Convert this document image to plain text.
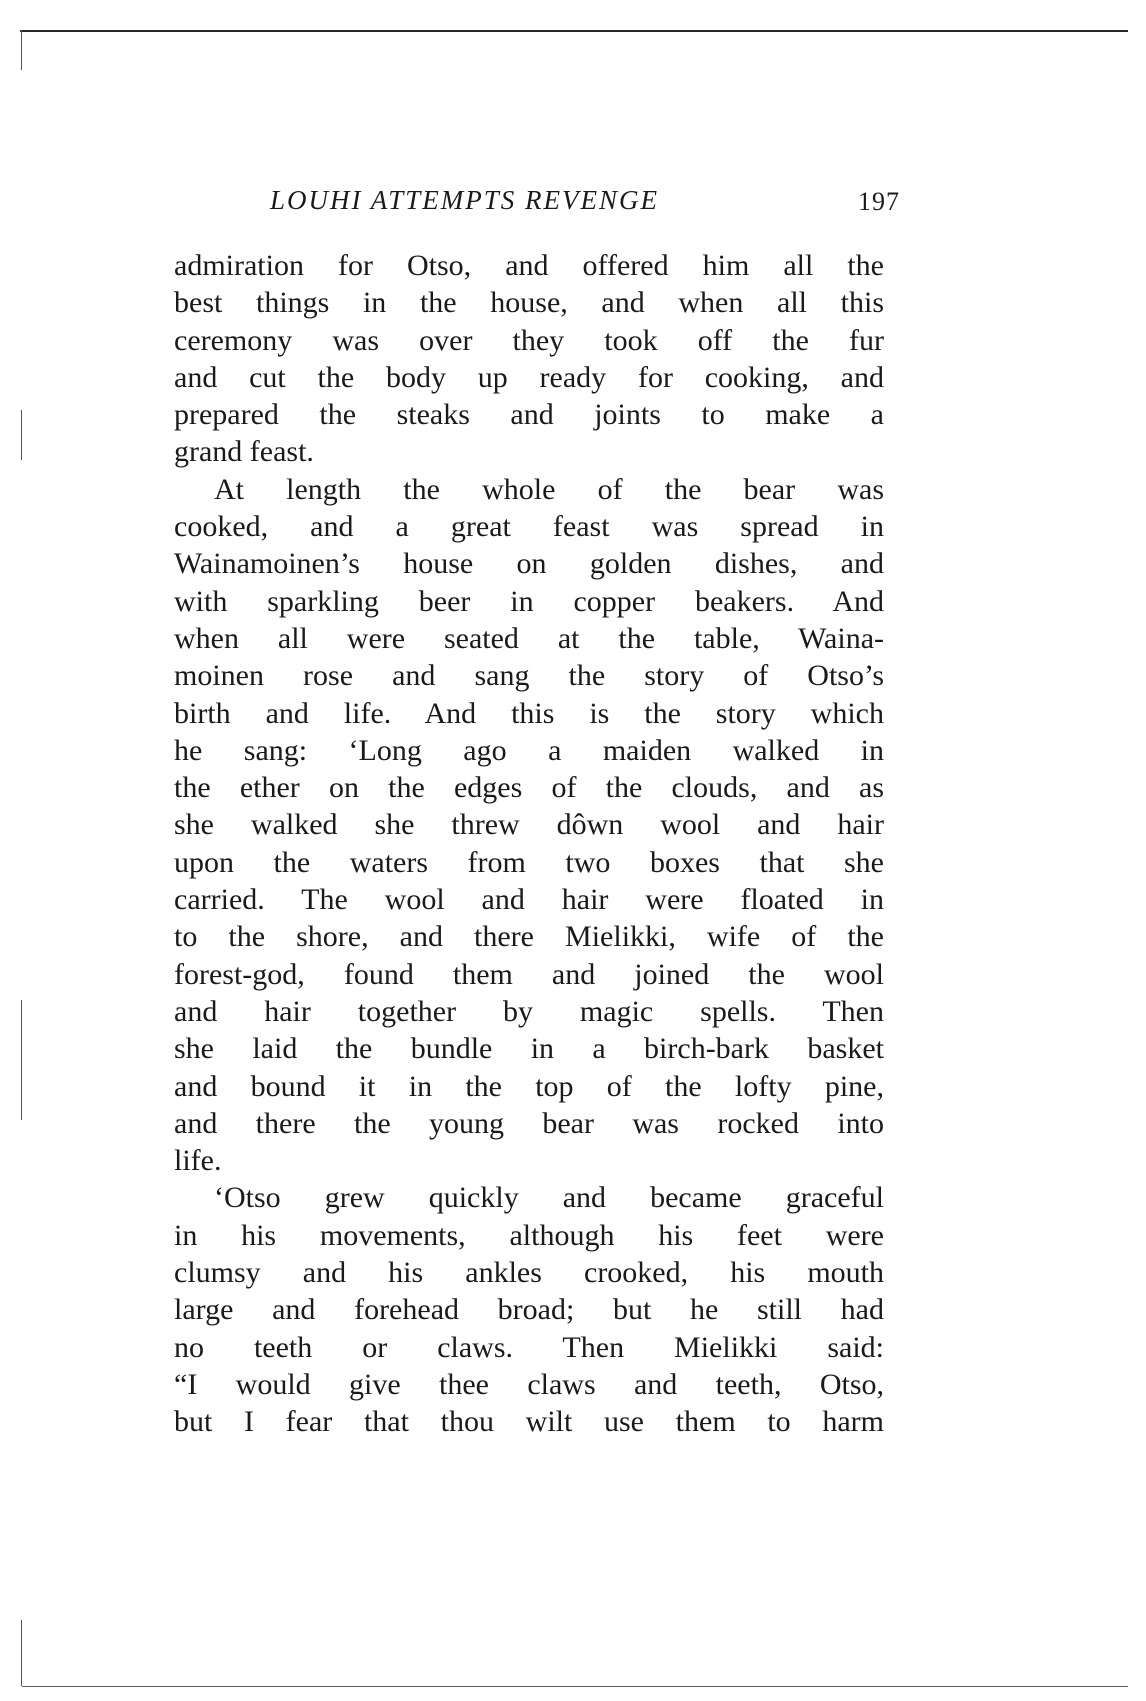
LOUHI ATTEMPTS REVENGE	197
admiration for Otso, and offered him all the
best things in the house, and when all this
ceremony was over they took off the fur
and cut the body up ready for cooking, and
prepared the steaks and joints to make a
grand feast.
At length the whole of the bear was
cooked, and a great feast was spread in
Wainamoinen’s house on golden dishes, and
with sparkling beer in copper beakers. And
when all were seated at the table, Waina-
moinen rose and sang the story of Otso’s
birth and life. And this is the story which
he sang: ‘Long ago a maiden walked in
the ether on the edges of the clouds, and as
she walked she threw dôwn wool and hair
upon the waters from two boxes that she
carried. The wool and hair were floated in
to the shore, and there Mielikki, wife of the
forest-god, found them and joined the wool
and hair together by magic spells. Then
she laid the bundle in a birch-bark basket
and bound it in the top of the lofty pine,
and there the young bear was rocked into
life.
‘Otso grew quickly and became graceful
in his movements, although his feet were
clumsy and his ankles crooked, his mouth
large and forehead broad; but he still had
no teeth or claws. Then Mielikki said:
“I would give thee claws and teeth, Otso,
but I fear that thou wilt use them to harm
